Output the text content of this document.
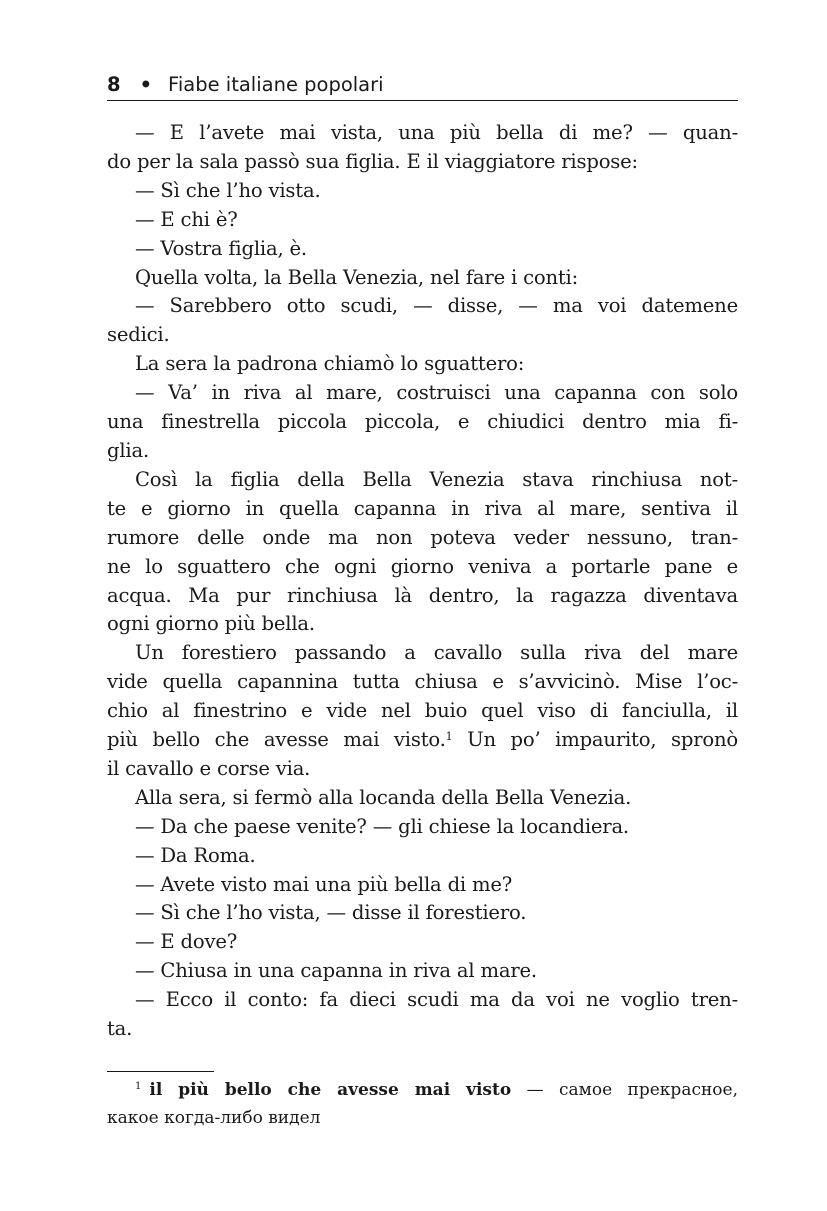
8 • Fiabe italiane popolari
— E l’avete mai vista, una più bella di me? — quan-
do per la sala passò sua figlia. E il viaggiatore rispose:
— Sì che l’ho vista.
— E chi è?
— Vostra figlia, è.
Quella volta, la Bella Venezia, nel fare i conti:
— Sarebbero otto scudi, — disse, — ma voi datemene
sedici.
La sera la padrona chiamò lo sguattero:
— Va’ in riva al mare, costruisci una capanna con solo
una finestrella piccola piccola, e chiudici dentro mia fi-
glia.
Così la figlia della Bella Venezia stava rinchiusa not-
te e giorno in quella capanna in riva al mare, sentiva il
rumore delle onde ma non poteva veder nessuno, tran-
ne lo sguattero che ogni giorno veniva a portarle pane e
acqua. Ma pur rinchiusa là dentro, la ragazza diventava
ogni giorno più bella.
Un forestiero passando a cavallo sulla riva del mare
vide quella capannina tutta chiusa e s’avvicinò. Mise l’oc-
chio al finestrino e vide nel buio quel viso di fanciulla, il
più bello che avesse mai visto.$^1$ Un po’ impaurito, spronò
il cavallo e corse via.
Alla sera, si fermò alla locanda della Bella Venezia.
— Da che paese venite? — gli chiese la locandiera.
— Da Roma.
— Avete visto mai una più bella di me?
— Sì che l’ho vista, — disse il forestiero.
— E dove?
— Chiusa in una capanna in riva al mare.
— Ecco il conto: fa dieci scudi ma da voi ne voglio tren-
ta.
$^1$ il più bello che avesse mai visto — самое прекрасное,
какое когда-либо видел
